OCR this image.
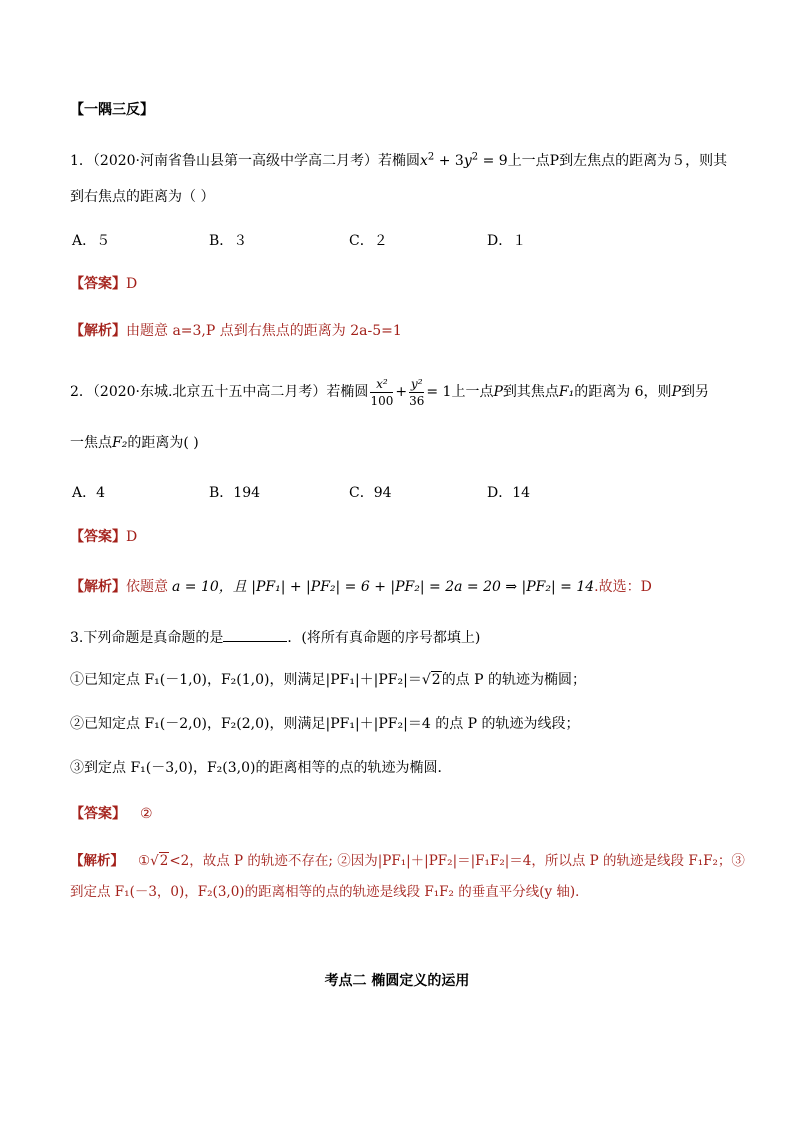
【一隅三反】
1．（2020·河南省鲁山县第一高级中学高二月考）若椭圆$x^2 + 3y^2 = 9$上一点P到左焦点的距离为５，则其
到右焦点的距离为（ ）
A．５	B．３	C．２	D．１
【答案】D
【解析】由题意 a=3,P 点到右焦点的距离为 2a-5=1
2．（2020·东城.北京五十五中高二月考）若椭圆 $\frac{\text{x²}}{100} + \frac{\text{y²}}{36} = 1$上一点P到其焦点F₁的距离为 6，则P到另
一焦点F₂的距离为( )
A．4	B．194	C．94	D．14
【答案】D
【解析】依题意 a = 10，且 |PF₁| + |PF₂| = 6 + |PF₂| = 2a = 20 ⇒ |PF₂| = 14.故选：D
3.下列命题是真命题的是	．(将所有真命题的序号都填上)
①已知定点 F₁(－1,0)，F₂(1,0)，则满足|PF₁|＋|PF₂|＝√2的点 P 的轨迹为椭圆；
②已知定点 F₁(－2,0)，F₂(2,0)，则满足|PF₁|＋|PF₂|＝4 的点 P 的轨迹为线段；
③到定点 F₁(－3,0)，F₂(3,0)的距离相等的点的轨迹为椭圆．
【答案】 ②
【解析】 ①√2<2，故点 P 的轨迹不存在; ②因为|PF₁|＋|PF₂|＝|F₁F₂|＝4，所以点 P 的轨迹是线段 F₁F₂；③
到定点 F₁(－3，0)，F₂(3,0)的距离相等的点的轨迹是线段 F₁F₂ 的垂直平分线(y 轴)．
考点二 椭圆定义的运用
